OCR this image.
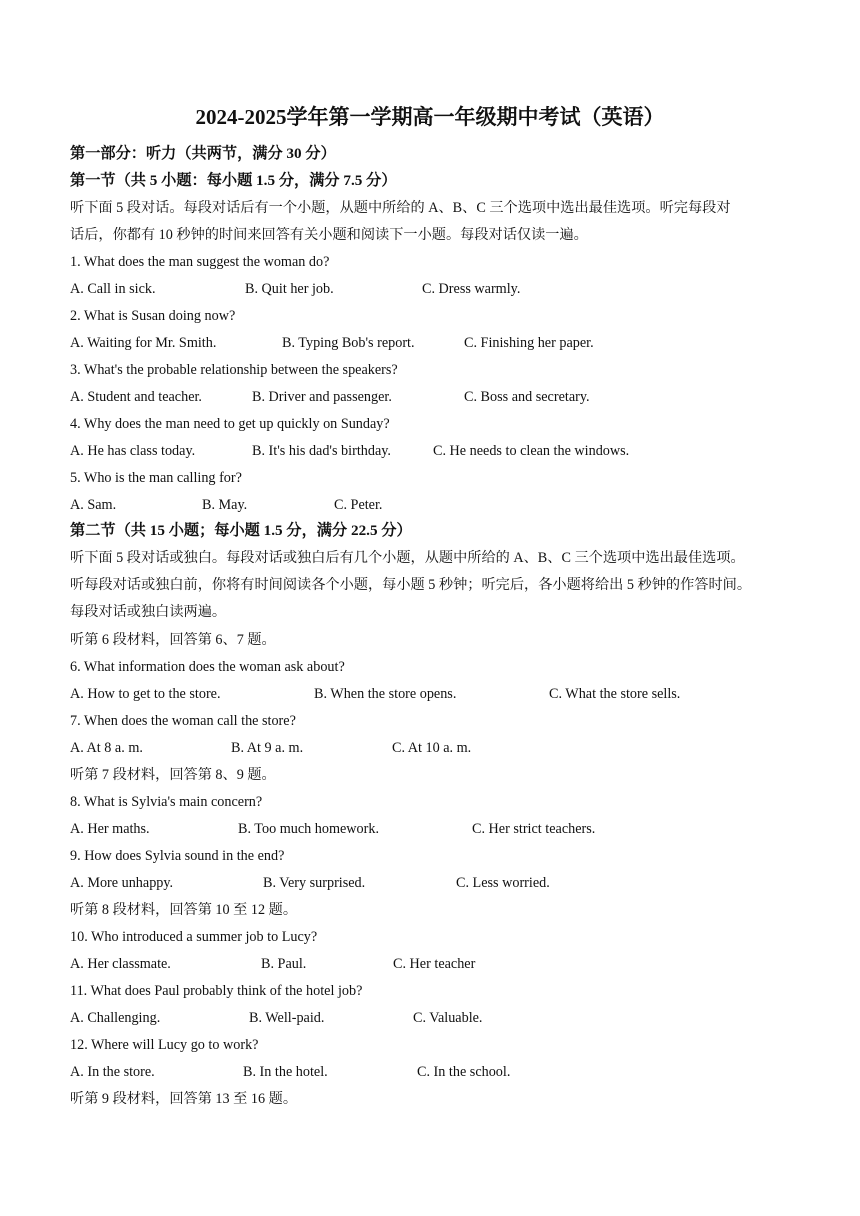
2024-2025学年第一学期高一年级期中考试（英语）
第一部分：听力（共两节，满分 30 分）
第一节（共 5 小题：每小题 1.5 分，满分 7.5 分）
听下面 5 段对话。每段对话后有一个小题，从题中所给的 A、B、C 三个选项中选出最佳选项。听完每段对
话后，你都有 10 秒钟的时间来回答有关小题和阅读下一小题。每段对话仅读一遍。
1. What does the man suggest the woman do?
A. Call in sick.	B. Quit her job.	C. Dress warmly.
2. What is Susan doing now?
A. Waiting for Mr. Smith.	B. Typing Bob's report.	C. Finishing her paper.
3. What's the probable relationship between the speakers?
A. Student and teacher.	B. Driver and passenger.	C. Boss and secretary.
4. Why does the man need to get up quickly on Sunday?
A. He has class today.	B. It's his dad's birthday.	C. He needs to clean the windows.
5. Who is the man calling for?
A. Sam.	B. May.	C. Peter.
第二节（共 15 小题；每小题 1.5 分，满分 22.5 分）
听下面 5 段对话或独白。每段对话或独白后有几个小题，从题中所给的 A、B、C 三个选项中选出最佳选项。
听每段对话或独白前，你将有时间阅读各个小题，每小题 5 秒钟；听完后，各小题将给出 5 秒钟的作答时间。
每段对话或独白读两遍。
听第 6 段材料，回答第 6、7 题。
6. What information does the woman ask about?
A. How to get to the store.	B. When the store opens.	C. What the store sells.
7. When does the woman call the store?
A. At 8 a. m.	B. At 9 a. m.	C. At 10 a. m.
听第 7 段材料，回答第 8、9 题。
8. What is Sylvia's main concern?
A. Her maths.	B. Too much homework.	C. Her strict teachers.
9. How does Sylvia sound in the end?
A. More unhappy.	B. Very surprised.	C. Less worried.
听第 8 段材料，回答第 10 至 12 题。
10. Who introduced a summer job to Lucy?
A. Her classmate.	B. Paul.	C. Her teacher
11. What does Paul probably think of the hotel job?
A. Challenging.	B. Well-paid.	C. Valuable.
12. Where will Lucy go to work?
A. In the store.	B. In the hotel.	C. In the school.
听第 9 段材料，回答第 13 至 16 题。
